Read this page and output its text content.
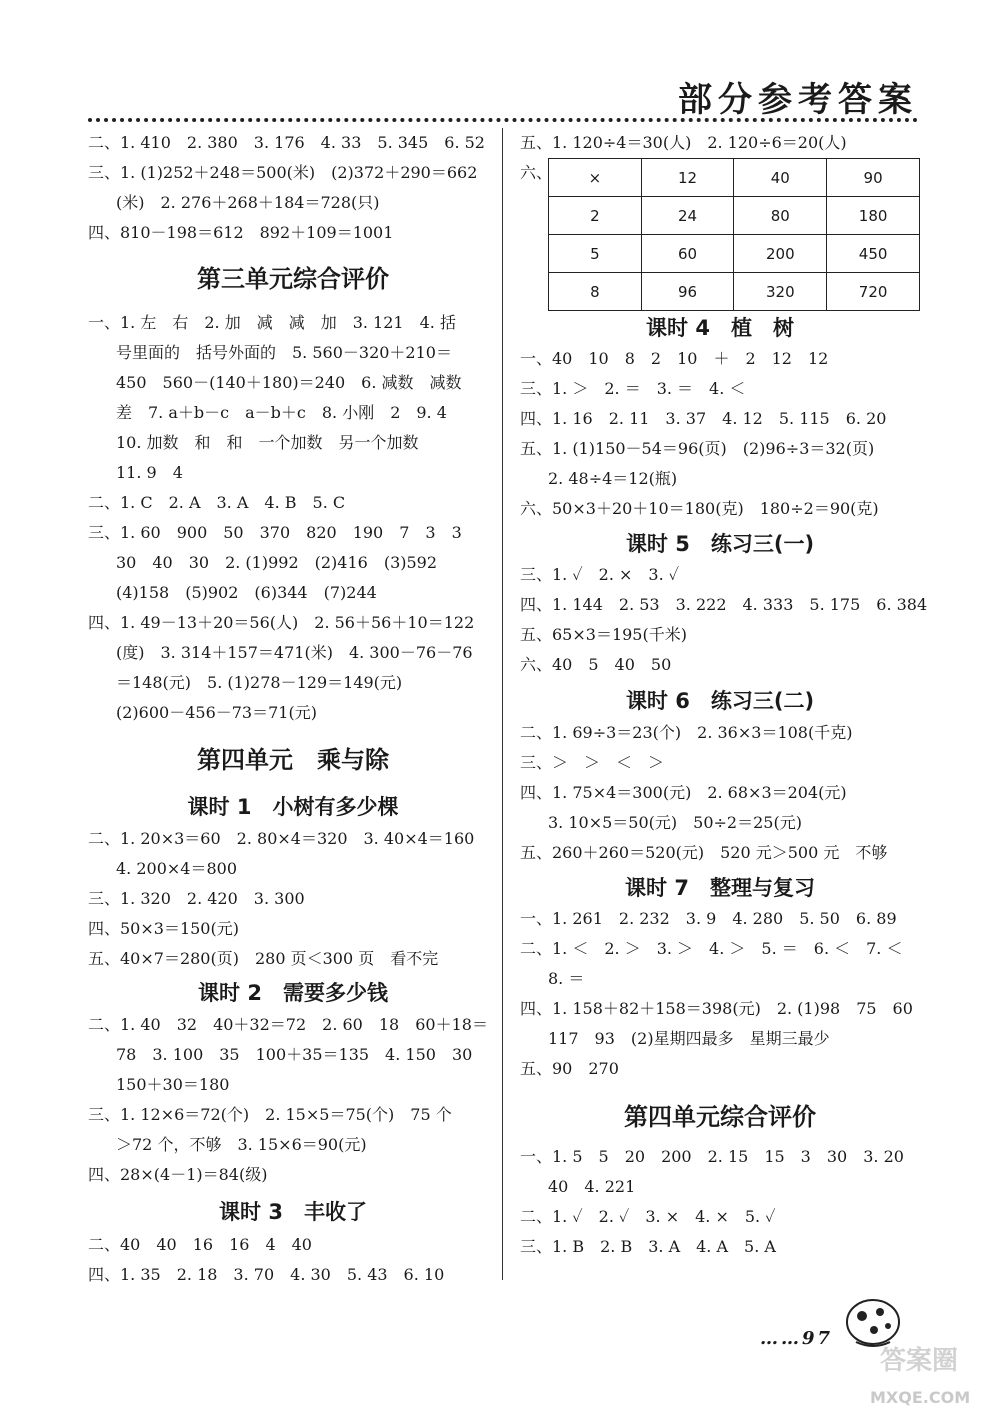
部分参考答案
二、1. 410　2. 380　3. 176　4. 33　5. 345　6. 52
三、1. (1)252＋248＝500(米)　(2)372＋290＝662
(米)　2. 276＋268＋184＝728(只)
四、810－198＝612　892＋109＝1001
第三单元综合评价
一、1. 左　右　2. 加　减　减　加　3. 121　4. 括
号里面的　括号外面的　5. 560－320＋210＝
450　560－(140＋180)＝240　6. 减数　减数
差　7. a＋b－c　a－b＋c　8. 小刚　2　9. 4
10. 加数　和　和　一个加数　另一个加数
11. 9　4
二、1. C　2. A　3. A　4. B　5. C
三、1. 60　900　50　370　820　190　7　3　3
30　40　30　2. (1)992　(2)416　(3)592
(4)158　(5)902　(6)344　(7)244
四、1. 49－13＋20＝56(人)　2. 56＋56＋10＝122
(度)　3. 314＋157＝471(米)　4. 300－76－76
＝148(元)　5. (1)278－129＝149(元)
(2)600－456－73＝71(元)
第四单元　乘与除
课时 1　小树有多少棵
二、1. 20×3＝60　2. 80×4＝320　3. 40×4＝160
4. 200×4＝800
三、1. 320　2. 420　3. 300
四、50×3＝150(元)
五、40×7＝280(页)　280 页＜300 页　看不完
课时 2　需要多少钱
二、1. 40　32　40＋32＝72　2. 60　18　60＋18＝
78　3. 100　35　100＋35＝135　4. 150　30
150＋30＝180
三、1. 12×6＝72(个)　2. 15×5＝75(个)　75 个
＞72 个，不够　3. 15×6＝90(元)
四、28×(4－1)＝84(级)
课时 3　丰收了
二、40　40　16　16　4　40
四、1. 35　2. 18　3. 70　4. 30　5. 43　6. 10
五、1. 120÷4＝30(人)　2. 120÷6＝20(人)
六、 ×	12	40	90
2	24	80	180
5	60	200	450
8	96	320	720
课时 4　植　树
一、40　10　8　2　10　＋　2　12　12
三、1. ＞　2. ＝　3. ＝　4. ＜
四、1. 16　2. 11　3. 37　4. 12　5. 115　6. 20
五、1. (1)150－54＝96(页)　(2)96÷3＝32(页)
2. 48÷4＝12(瓶)
六、50×3＋20＋10＝180(克)　180÷2＝90(克)
课时 5　练习三(一)
三、1. ✓　2. ×　3. ✓
四、1. 144　2. 53　3. 222　4. 333　5. 175　6. 384
五、65×3＝195(千米)
六、40　5　40　50
课时 6　练习三(二)
二、1. 69÷3＝23(个)　2. 36×3＝108(千克)
三、＞　＞　＜　＞
四、1. 75×4＝300(元)　2. 68×3＝204(元)
3. 10×5＝50(元)　50÷2＝25(元)
五、260＋260＝520(元)　520 元＞500 元　不够
课时 7　整理与复习
一、1. 261　2. 232　3. 9　4. 280　5. 50　6. 89
二、1. ＜　2. ＞　3. ＞　4. ＞　5. ＝　6. ＜　7. ＜
8. ＝
四、1. 158＋82＋158＝398(元)　2. (1)98　75　60
117　93　(2)星期四最多　星期三最少
五、90　270
第四单元综合评价
一、1. 5　5　20　200　2. 15　15　3　30　3. 20
40　4. 221
二、1. ✓　2. ✓　3. ×　4. ×　5. ✓
三、1. B　2. B　3. A　4. A　5. A
……97
答案圈
MXQE.COM
